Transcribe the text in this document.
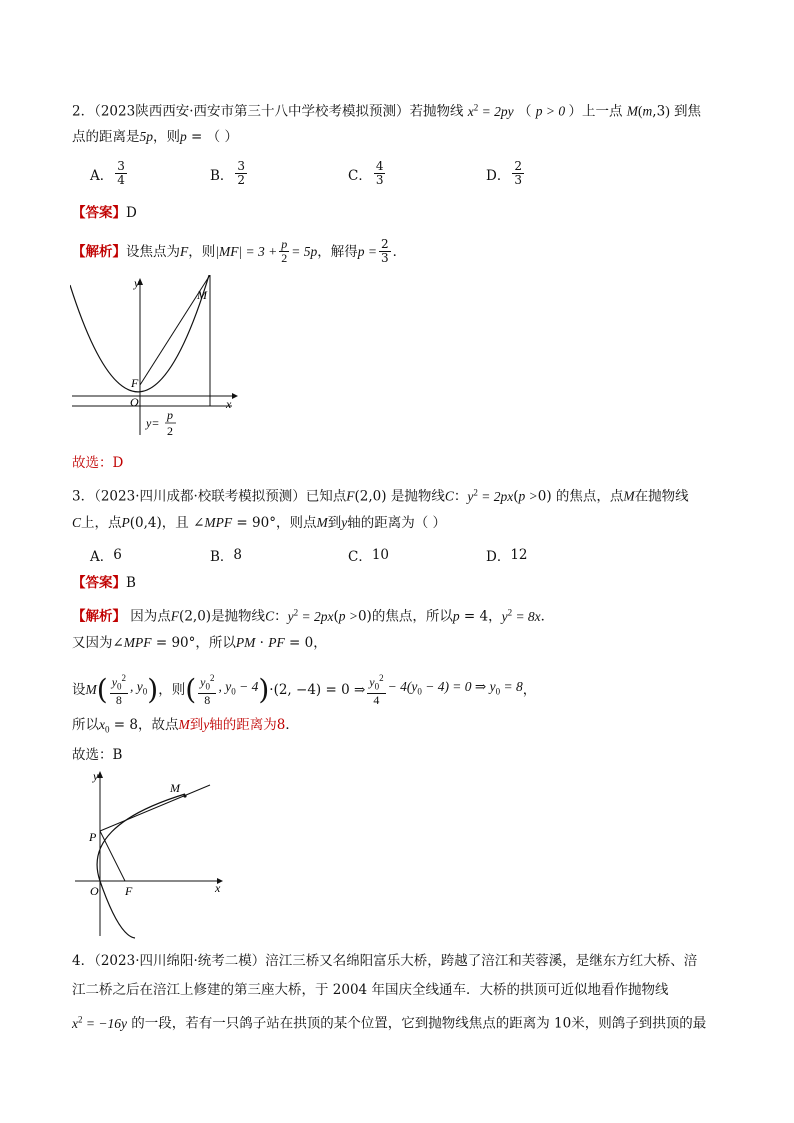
2．（2023陕西西安·西安市第三十八中学校考模拟预测）若抛物线 $x^2 = 2py$ （ p > 0 ）上一点 M(m,3) 到焦
点的距离是5p，则p = （ ）
A． $\frac{3}{4}$	B． $\frac{3}{2}$	C． $\frac{4}{3}$	D． $\frac{2}{3}$
【答案】D
【解析】 设焦点为 F ，则 $|MF| = 3 + \frac{p}{2} = 5p$ ，解得 $p = \frac{2}{3}$ ．
y
x
M
F
O
y=
p
2
故选：D
3．（2023·四川成都·校联考模拟预测）已知点F(2,0) 是抛物线C：$y^2 = 2px(p >0)$ 的焦点，点M在抛物线
C上，点P(0,4)，且 ∠MPF = 90°，则点M到y轴的距离为（ ）
A． 6	B． 8	C． 10	D． 12
【答案】B
【解析】 因为点F(2,0)是抛物线C：$y^2 = 2px(p >0)$的焦点，所以p = 4，$y^2 = 8x$．
又因为∠MPF = 90°，所以PM · PF = 0，
设 M ( $\frac{y_0^2}{8}$ , $y_0$ ) ，则 ( $\frac{y_0^2}{8}$ , $y_0 - 4$ ) ·(2, −4) = 0 ⇒ $\frac{y_0^2}{4} - 4(y_0 - 4) = 0$ ⇒ $y_0 = 8$ ，
所以$x_0 = 8$，故点M到y轴的距离为8．
故选：B
y
x
M
P
O F
4．（2023·四川绵阳·统考二模）涪江三桥又名绵阳富乐大桥，跨越了涪江和芙蓉溪，是继东方红大桥、涪
江二桥之后在涪江上修建的第三座大桥，于 2004 年国庆全线通车．大桥的拱顶可近似地看作抛物线
$x^2 = -16y$ 的一段，若有一只鸽子站在拱顶的某个位置，它到抛物线焦点的距离为 10米，则鸽子到拱顶的最
